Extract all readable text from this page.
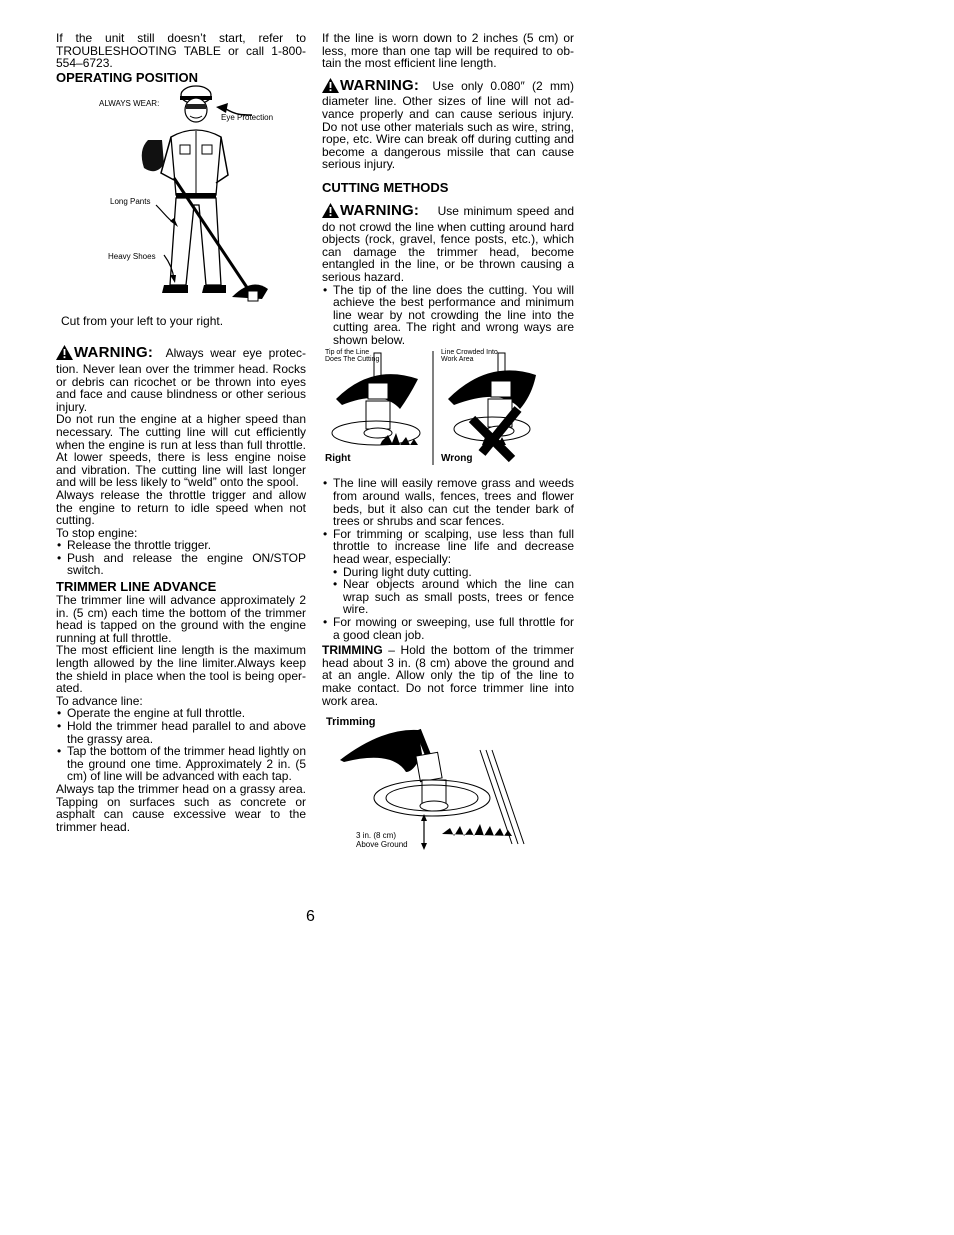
If the unit still doesn’t start, refer to TROUBLESHOOTING TABLE or call 1-800-554–6723.

OPERATING POSITION
ALWAYS WEAR:
Eye Protection
Long Pants
Heavy Shoes

Cut from your left to your right.

WARNING: Always wear eye protec- tion. Never lean over the trimmer head. Rocks or debris can ricochet or be thrown into eyes and face and cause blindness or other serious injury.

Do not run the engine at a higher speed than necessary. The cutting line will cut efficiently when the engine is run at less than full throttle. At lower speeds, there is less engine noise and vibration. The cutting line will last longer and will be less likely to “weld” onto the spool.

Always release the throttle trigger and allow the engine to return to idle speed when not cutting.

To stop engine:

• Release the throttle trigger.
• Push and release the engine ON/STOP switch.
TRIMMER LINE ADVANCE

The trimmer line will advance approximately 2 in. (5 cm) each time the bottom of the trimmer head is tapped on the ground with the engine running at full throttle.

The most efficient line length is the maximum length allowed by the line limiter.Always keep the shield in place when the tool is being oper-ated.

To advance line:

• Operate the engine at full throttle.
• Hold the trimmer head parallel to and above the grassy area.
• Tap the bottom of the trimmer head lightly on the ground one time. Approximately 2 in. (5 cm) of line will be advanced with each tap.

Always tap the trimmer head on a grassy area. Tapping on surfaces such as concrete or asphalt can cause excessive wear to the trimmer head.

If the line is worn down to 2 inches (5 cm) or less, more than one tap will be required to ob-tain the most efficient line length.

WARNING: Use only 0.080″ (2 mm) diameter line. Other sizes of line will not ad-vance properly and can cause serious injury. Do not use other materials such as wire, string, rope, etc. Wire can break off during cutting and become a dangerous missile that can cause serious injury.

CUTTING METHODS

WARNING: Use minimum speed and do not crowd the line when cutting around hard objects (rock, gravel, fence posts, etc.), which can damage the trimmer head, become entangled in the line, or be thrown causing a serious hazard.

• The tip of the line does the cutting. You will achieve the best performance and minimum line wear by not crowding the line into the cutting area. The right and wrong ways are shown below.
Tip of the Line
Does The Cutting
Line Crowded Into
Work Area
Right	Wrong
• The line will easily remove grass and weeds from around walls, fences, trees and flower beds, but it also can cut the tender bark of trees or shrubs and scar fences.
• For trimming or scalping, use less than full throttle to increase line life and decrease head wear, especially:
• During light duty cutting.
• Near objects around which the line can wrap such as small posts, trees or fence wire.
• For mowing or sweeping, use full throttle for a good clean job.

TRIMMING – Hold the bottom of the trimmer head about 3 in. (8 cm) above the ground and at an angle. Allow only the tip of the line to make contact. Do not force trimmer line into work area.

Trimming
3 in. (8 cm)
Above Ground
6
